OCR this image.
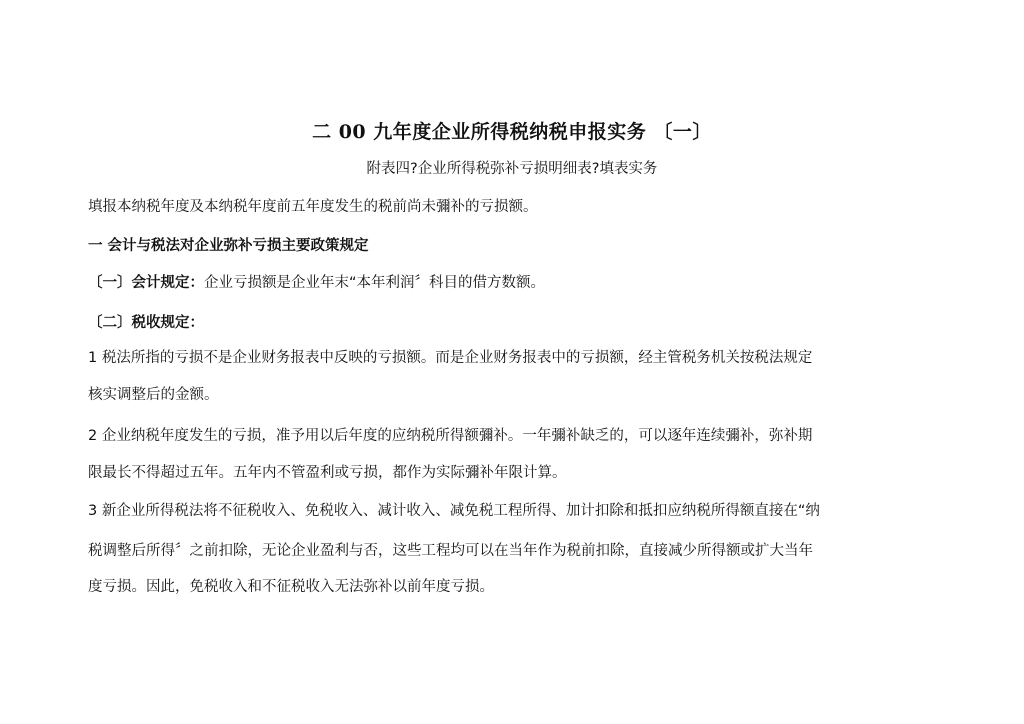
二 00 九年度企业所得税纳税申报实务 〔一〕
附表四?企业所得税弥补亏损明细表?填表实务
填报本纳税年度及本纳税年度前五年度发生的税前尚未彌补的亏损额。
一 会计与税法对企业弥补亏损主要政策规定
〔一〕会计规定：企业亏损额是企业年末“本年利润〞科目的借方数额。
〔二〕税收规定：
1 税法所指的亏损不是企业财务报表中反映的亏损额。而是企业财务报表中的亏损额，经主管税务机关按税法规定
核实调整后的金额。
2 企业纳税年度发生的亏损，准予用以后年度的应纳税所得额彌补。一年彌补缺乏的，可以逐年连续彌补，弥补期
限最长不得超过五年。五年内不管盈利或亏损，都作为实际彌补年限计算。
3 新企业所得税法将不征税收入、免税收入、减计收入、减免税工程所得、加计扣除和抵扣应纳税所得额直接在“纳
税调整后所得〞之前扣除，无论企业盈利与否，这些工程均可以在当年作为税前扣除，直接减少所得额或扩大当年
度亏损。因此，免税收入和不征税收入无法弥补以前年度亏损。
